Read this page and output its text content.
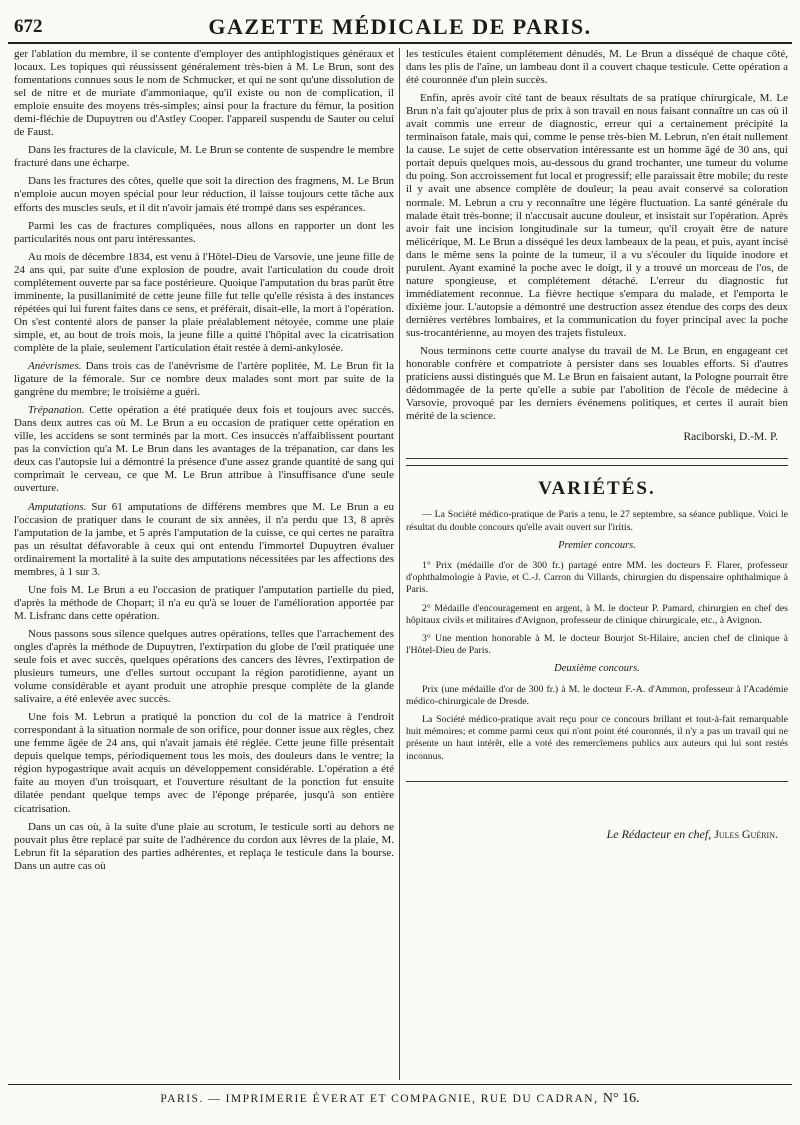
672	GAZETTE MÉDICALE DE PARIS.

ger l'ablation du membre, il se contente d'employer des antiphlogistiques généraux et locaux. Les topiques qui réussissent généralement très-bien à M. Le Brun, sont des fomentations connues sous le nom de Schmucker, et qui ne sont qu'une dissolution de sel de nitre et de muriate d'ammoniaque, qu'il existe ou non de complication, il emploie ensuite des moyens très-simples; ainsi pour la fracture du fémur, la position demi-fléchie de Dupuytren ou d'Astley Cooper. l'appareil suspendu de Sauter ou celui de Faust.

Dans les fractures de la clavicule, M. Le Brun se contente de suspendre le membre fracturé dans une écharpe.

Dans les fractures des côtes, quelle que soit la direction des fragmens, M. Le Brun n'emploie aucun moyen spécial pour leur réduction, il laisse toujours cette tâche aux efforts des muscles seuls, et il dit n'avoir jamais été trompé dans ses espérances.

Parmi les cas de fractures compliquées, nous allons en rapporter un dont les particularités nous ont paru intéressantes.

Au mois de décembre 1834, est venu à l'Hôtel-Dieu de Varsovie, une jeune fille de 24 ans qui, par suite d'une explosion de poudre, avait l'articulation du coude droit complétement ouverte par sa face postérieure. Quoique l'amputation du bras parût être imminente, la pusillanimité de cette jeune fille fut telle qu'elle résista à des instances répétées qui lui furent faites dans ce sens, et préférait, disait-elle, la mort à l'opération. On s'est contenté alors de panser la plaie préalablement nétoyée, comme une plaie simple, et, au bout de trois mois, la jeune fille a quitté l'hôpital avec la cicatrisation complète de la plaie, seulement l'articulation était restée à demi-ankylosée.

Anévrismes. Dans trois cas de l'anévrisme de l'artère poplitée, M. Le Brun fit la ligature de la fémorale. Sur ce nombre deux malades sont mort par suite de la gangrène du membre; le troisième a guéri.

Trépanation. Cette opération a été pratiquée deux fois et toujours avec succès. Dans deux autres cas où M. Le Brun a eu occasion de pratiquer cette opération en ville, les accidens se sont terminés par la mort. Ces insuccès n'affaiblissent pourtant pas la conviction qu'a M. Le Brun dans les avantages de la trépanation, car dans les deux cas l'autopsie lui a démontré la présence d'une assez grande quantité de sang qui comprimait le cerveau, ce que M. Le Brun attribue à l'insuffisance d'une seule ouverture.

Amputations. Sur 61 amputations de différens membres que M. Le Brun a eu l'occasion de pratiquer dans le courant de six années, il n'a perdu que 13, 8 après l'amputation de la jambe, et 5 après l'amputation de la cuisse, ce qui certes ne paraîtra pas un résultat défavorable à ceux qui ont entendu l'immortel Dupuytren évaluer ordinairement la mortalité à la suite des amputations nécessitées par les affections des membres, à 1 sur 3.

Une fois M. Le Brun a eu l'occasion de pratiquer l'amputation partielle du pied, d'après la méthode de Chopart; il n'a eu qu'à se louer de l'amélioration apportée par M. Lisfranc dans cette opération.

Nous passons sous silence quelques autres opérations, telles que l'arrachement des ongles d'après la méthode de Dupuytren, l'extirpation du globe de l'œil pratiquée une seule fois et avec succès, quelques opérations des cancers des lèvres, l'extirpation de plusieurs tumeurs, une d'elles surtout occupant la région parotidienne, ayant un volume considérable et ayant produit une atrophie presque complète de la glande salivaire, a été enlevée avec succès.

Une fois M. Lebrun a pratiqué la ponction du col de la matrice à l'endroit correspondant à la situation normale de son orifice, pour donner issue aux règles, chez une femme âgée de 24 ans, qui n'avait jamais été réglée. Cette jeune fille présentait depuis quelque temps, périodiquement tous les mois, des douleurs dans le ventre; la région hypogastrique avait acquis un développement considérable. L'opération a été faite au moyen d'un troisquart, et l'ouverture résultant de la ponction fut ensuite dilatée pendant quelque temps avec de l'éponge préparée, jusqu'à son entière cicatrisation.

Dans un cas où, à la suite d'une plaie au scrotum, le testicule sorti au dehors ne pouvait plus être replacé par suite de l'adhérence du cordon aux lèvres de la plaie, M. Lebrun fit la séparation des parties adhérentes, et replaça le testicule dans la bourse. Dans un autre cas où

les testicules étaient complétement dénudés, M. Le Brun a disséqué de chaque côté, dans les plis de l'aîne, un lambeau dont il a couvert chaque testicule. Cette opération a été couronnée d'un plein succès.

Enfin, après avoir cité tant de beaux résultats de sa pratique chirurgicale, M. Le Brun n'a fait qu'ajouter plus de prix à son travail en nous faisant connaître un cas où il avait commis une erreur de diagnostic, erreur qui a certainement précipité la terminaison fatale, mais qui, comme le pense très-bien M. Lebrun, n'en était nullement la cause. Le sujet de cette observation intéressante est un homme âgé de 30 ans, qui portait depuis quelques mois, au-dessous du grand trochanter, une tumeur du volume du poing. Son accroissement fut local et progressif; elle paraissait être mobile; du reste il y avait une absence complète de douleur; la peau avait conservé sa coloration normale. M. Lebrun a cru y reconnaître une légère fluctuation. La santé générale du malade était très-bonne; il n'accusait aucune douleur, et insistait sur l'opération. Après avoir fait une incision longitudinale sur la tumeur, qu'il croyait être de nature mélicérique, M. Le Brun a disséqué les deux lambeaux de la peau, et puis, ayant incisé dans le même sens la pointe de la tumeur, il a vu s'écouler du liquide inodore et purulent. Ayant examiné la poche avec le doigt, il y a trouvé un morceau de l'os, de nature spongieuse, et complétement détaché. L'erreur du diagnostic fut immédiatement reconnue. La fièvre hectique s'empara du malade, et l'emporta le dixième jour. L'autopsie a démontré une destruction assez étendue des corps des deux dernières vertèbres lombaires, et la communication du foyer principal avec la poche sus-trocantérienne, au moyen des trajets fistuleux.

Nous terminons cette courte analyse du travail de M. Le Brun, en engageant cet honorable confrère et compatriote à persister dans ses louables efforts. Si d'autres praticiens aussi distingués que M. Le Brun en faisaient autant, la Pologne pourrait être dédommagée de la perte qu'elle a subie par l'abolition de l'école de médecine à Varsovie, provoqué par les derniers événemens politiques, et certes il aurait bien mérité de la science.

Raciborski, D.-M. P.
VARIÉTÉS.

— La Société médico-pratique de Paris a tenu, le 27 septembre, sa séance publique. Voici le résultat du double concours qu'elle avait ouvert sur l'iritis.

Premier concours.

1° Prix (médaille d'or de 300 fr.) partagé entre MM. les docteurs F. Flarer, professeur d'ophthalmologie à Pavie, et C.-J. Carron du Villards, chirurgien du dispensaire ophthalmique à Paris.

2° Médaille d'encouragement en argent, à M. le docteur P. Pamard, chirurgien en chef des hôpitaux civils et militaires d'Avignon, professeur de clinique chirurgicale, etc., à Avignon.

3° Une mention honorable à M. le docteur Bourjot St-Hilaire, ancien chef de clinique à l'Hôtel-Dieu de Paris.

Deuxième concours.

Prix (une médaille d'or de 300 fr.) à M. le docteur F.-A. d'Ammon, professeur à l'Académie médico-chirurgicale de Dresde.

La Société médico-pratique avait reçu pour ce concours brillant et tout-à-fait remarquable huit mémoires; et comme parmi ceux qui n'ont point été couronnés, il n'y a pas un travail qui ne présente un haut intérêt, elle a voté des remercîemens publics aux auteurs qui lui sont restés inconnus.

Le Rédacteur en chef, Jules Guérin.
PARIS. — IMPRIMERIE ÉVERAT ET COMPAGNIE, RUE DU CADRAN, N° 16.
